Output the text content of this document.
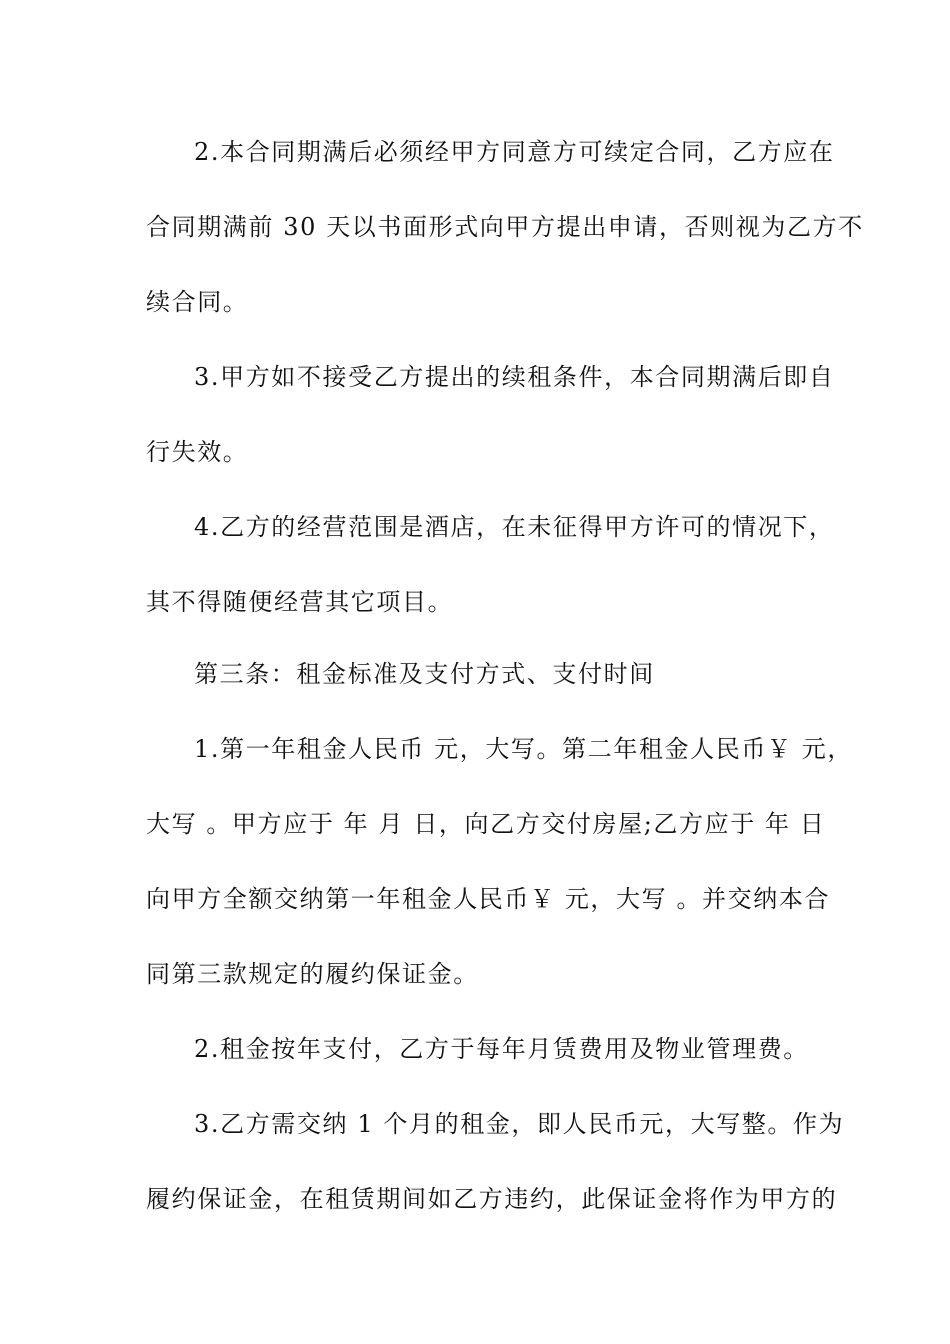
2.本合同期满后必须经甲方同意方可续定合同，乙方应在

合同期满前 30 天以书面形式向甲方提出申请，否则视为乙方不

续合同。

3.甲方如不接受乙方提出的续租条件，本合同期满后即自

行失效。

4.乙方的经营范围是酒店，在未征得甲方许可的情况下，

其不得随便经营其它项目。

第三条：租金标准及支付方式、支付时间

1.第一年租金人民币 元，大写。第二年租金人民币￥ 元，

大写 。甲方应于 年 月 日，向乙方交付房屋;乙方应于 年 日

向甲方全额交纳第一年租金人民币￥ 元，大写 。并交纳本合

同第三款规定的履约保证金。

2.租金按年支付，乙方于每年月赁费用及物业管理费。

3.乙方需交纳 1 个月的租金，即人民币元，大写整。作为

履约保证金，在租赁期间如乙方违约，此保证金将作为甲方的
